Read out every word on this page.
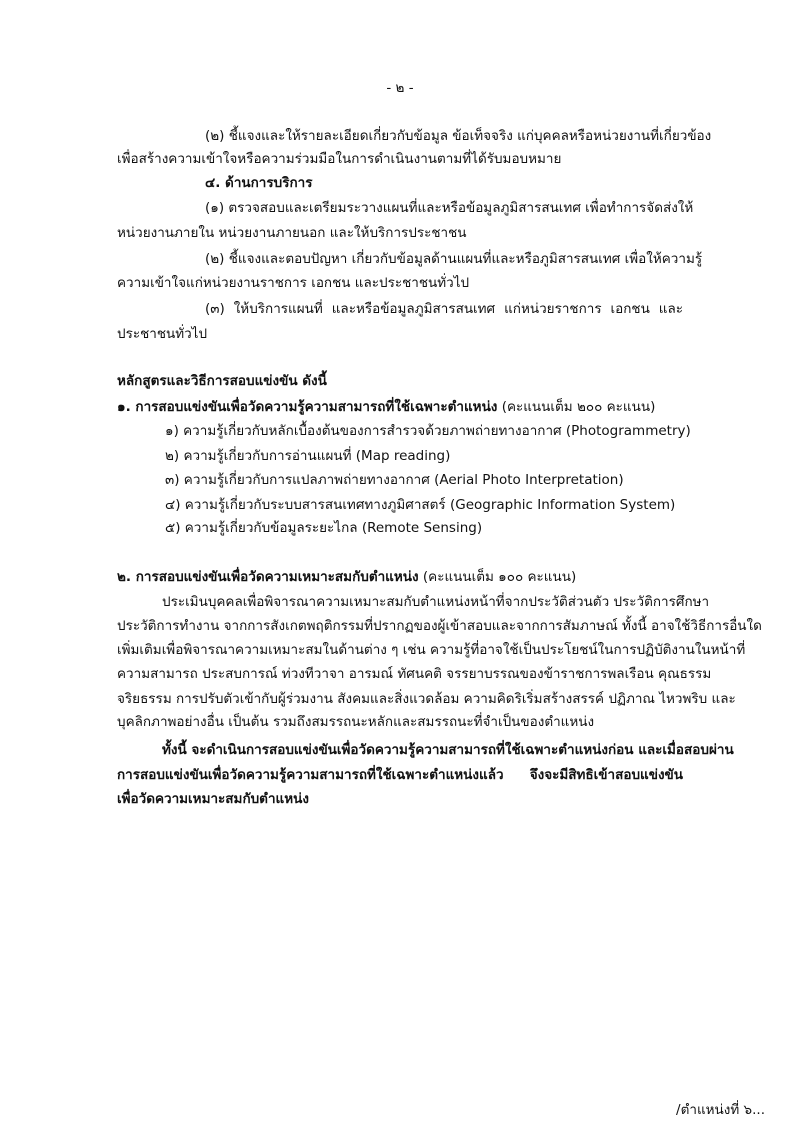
- ๒ -
(๒) ชี้แจงและให้รายละเอียดเกี่ยวกับข้อมูล ข้อเท็จจริง แก่บุคคลหรือหน่วยงานที่เกี่ยวข้อง
เพื่อสร้างความเข้าใจหรือความร่วมมือในการดำเนินงานตามที่ได้รับมอบหมาย
๔. ด้านการบริการ
(๑) ตรวจสอบและเตรียมระวางแผนที่และหรือข้อมูลภูมิสารสนเทศ เพื่อทำการจัดส่งให้
หน่วยงานภายใน หน่วยงานภายนอก และให้บริการประชาชน
(๒) ชี้แจงและตอบปัญหา เกี่ยวกับข้อมูลด้านแผนที่และหรือภูมิสารสนเทศ เพื่อให้ความรู้
ความเข้าใจแก่หน่วยงานราชการ เอกชน และประชาชนทั่วไป
(๓) ให้บริการแผนที่ และหรือข้อมูลภูมิสารสนเทศ แก่หน่วยราชการ เอกชน และ
ประชาชนทั่วไป
หลักสูตรและวิธีการสอบแข่งขัน ดังนี้
๑. การสอบแข่งขันเพื่อวัดความรู้ความสามารถที่ใช้เฉพาะตำแหน่ง (คะแนนเต็ม ๒๐๐ คะแนน)
๑) ความรู้เกี่ยวกับหลักเบื้องต้นของการสำรวจด้วยภาพถ่ายทางอากาศ (Photogrammetry)
๒) ความรู้เกี่ยวกับการอ่านแผนที่ (Map reading)
๓) ความรู้เกี่ยวกับการแปลภาพถ่ายทางอากาศ (Aerial Photo Interpretation)
๔) ความรู้เกี่ยวกับระบบสารสนเทศทางภูมิศาสตร์ (Geographic Information System)
๕) ความรู้เกี่ยวกับข้อมูลระยะไกล (Remote Sensing)
๒. การสอบแข่งขันเพื่อวัดความเหมาะสมกับตำแหน่ง (คะแนนเต็ม ๑๐๐ คะแนน)
ประเมินบุคคลเพื่อพิจารณาความเหมาะสมกับตำแหน่งหน้าที่จากประวัติส่วนตัว ประวัติการศึกษา
ประวัติการทำงาน จากการสังเกตพฤติกรรมที่ปรากฏของผู้เข้าสอบและจากการสัมภาษณ์ ทั้งนี้ อาจใช้วิธีการอื่นใด
เพิ่มเติมเพื่อพิจารณาความเหมาะสมในด้านต่าง ๆ เช่น ความรู้ที่อาจใช้เป็นประโยชน์ในการปฏิบัติงานในหน้าที่
ความสามารถ ประสบการณ์ ท่วงทีวาจา อารมณ์ ทัศนคติ จรรยาบรรณของข้าราชการพลเรือน คุณธรรม
จริยธรรม การปรับตัวเข้ากับผู้ร่วมงาน สังคมและสิ่งแวดล้อม ความคิดริเริ่มสร้างสรรค์ ปฏิภาณ ไหวพริบ และ
บุคลิกภาพอย่างอื่น เป็นต้น รวมถึงสมรรถนะหลักและสมรรถนะที่จำเป็นของตำแหน่ง
ทั้งนี้ จะดำเนินการสอบแข่งขันเพื่อวัดความรู้ความสามารถที่ใช้เฉพาะตำแหน่งก่อน และเมื่อสอบผ่าน
การสอบแข่งขันเพื่อวัดความรู้ความสามารถที่ใช้เฉพาะตำแหน่งแล้ว จึงจะมีสิทธิเข้าสอบแข่งขัน
เพื่อวัดความเหมาะสมกับตำแหน่ง
/ตำแหน่งที่ ๖...
